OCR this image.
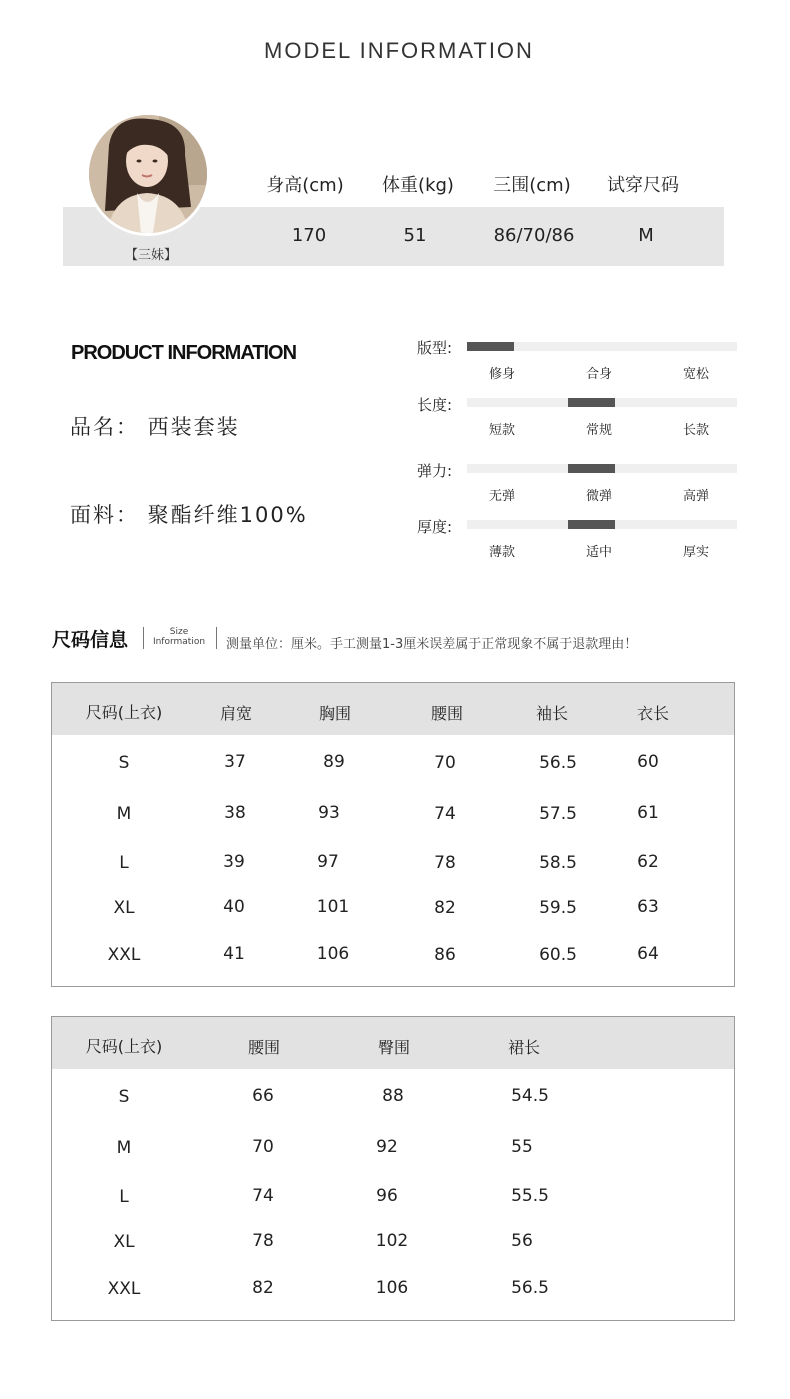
MODEL INFORMATION
【三妹】
身高(cm)	体重(kg)	三围(cm)	试穿尺码
170	51	86/70/86	M
PRODUCT INFORMATION
品名： 西装套装
面料： 聚酯纤维100%
版型:
修身	合身	宽松
长度:
短款	常规	长款
弹力:
无弹	微弹	高弹
厚度:
薄款	适中	厚实
尺码信息	Size
Information 测量单位：厘米。手工测量1-3厘米误差属于正常现象不属于退款理由！
尺码(上衣)	肩宽	胸围	腰围	袖长	衣长
S	37	89	70	56.5	60
M	38	93	74	57.5	61
L	39	97	78	58.5	62
XL	40	101	82	59.5	63
XXL	41	106	86	60.5	64
尺码(上衣)	腰围	臀围	裙长
S	66	88	54.5
M	70	92	55
L	74	96	55.5
XL	78	102	56
XXL	82	106	56.5
